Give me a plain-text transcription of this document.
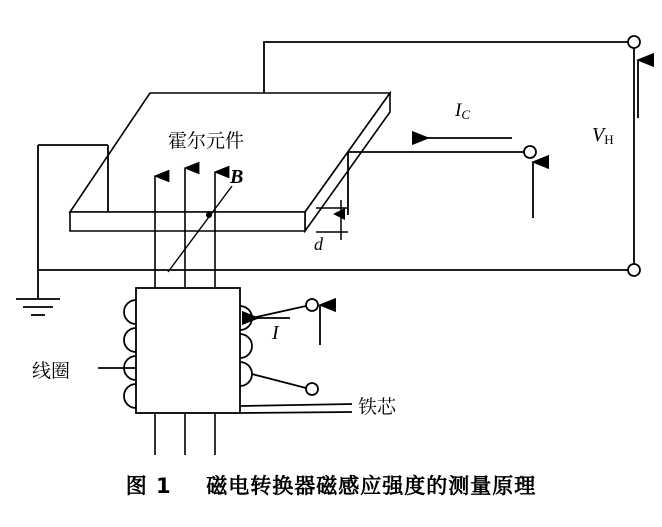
霍尔元件
B
IC
VH
I
d
线圈
铁芯
图 1 磁电转换器磁感应强度的测量原理
